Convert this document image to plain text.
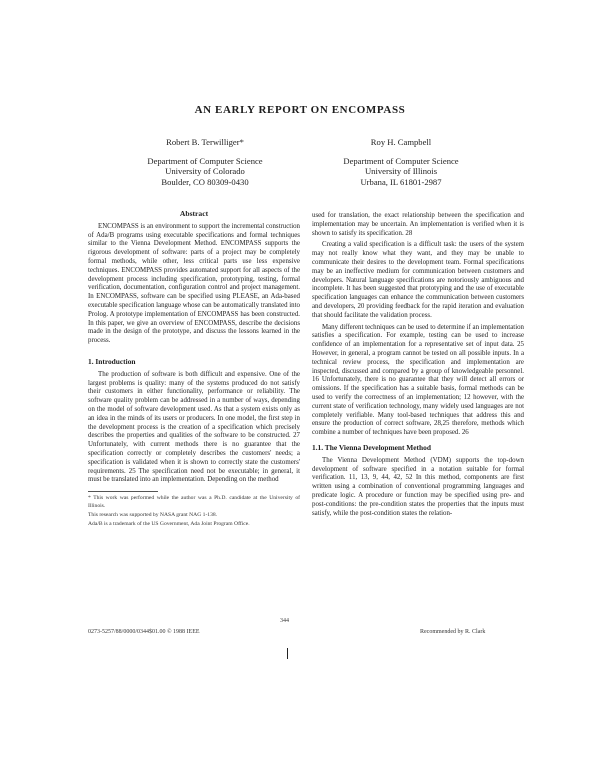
AN EARLY REPORT ON ENCOMPASS
Robert B. Terwilliger*
Department of Computer Science
University of Colorado
Boulder, CO 80309-0430
Roy H. Campbell
Department of Computer Science
University of Illinois
Urbana, IL 61801-2987
Abstract

ENCOMPASS is an environment to support the incremental construction of Ada/B programs using executable specifications and formal techniques similar to the Vienna Development Method. ENCOMPASS supports the rigorous development of software: parts of a project may be completely formal methods, while other, less critical parts use less expensive techniques. ENCOMPASS provides automated support for all aspects of the development process including specification, prototyping, testing, formal verification, documentation, configuration control and project management. In ENCOMPASS, software can be specified using PLEASE, an Ada-based executable specification language whose can be automatically translated into Prolog. A prototype implementation of ENCOMPASS has been constructed. In this paper, we give an overview of ENCOMPASS, describe the decisions made in the design of the prototype, and discuss the lessons learned in the process.

1. Introduction

The production of software is both difficult and expensive. One of the largest problems is quality: many of the systems produced do not satisfy their customers in either functionality, performance or reliability. The software quality problem can be addressed in a number of ways, depending on the model of software development used. As that a system exists only as an idea in the minds of its users or producers. In one model, the first step in the development process is the creation of a specification which precisely describes the properties and qualities of the software to be constructed. 27 Unfortunately, with current methods there is no guarantee that the specification correctly or completely describes the customers' needs; a specification is validated when it is shown to correctly state the customers' requirements. 25 The specification need not be executable; in general, it must be translated into an implementation. Depending on the method

* This work was performed while the author was a Ph.D. candidate at the University of Illinois.
This research was supported by NASA grant NAG 1-138.
Ada/B is a trademark of the US Government, Ada Joint Program Office.

used for translation, the exact relationship between the specification and implementation may be uncertain. An implementation is verified when it is shown to satisfy its specification. 28

Creating a valid specification is a difficult task: the users of the system may not really know what they want, and they may be unable to communicate their desires to the development team. Formal specifications may be an ineffective medium for communication between customers and developers. Natural language specifications are notoriously ambiguous and incomplete. It has been suggested that prototyping and the use of executable specification languages can enhance the communication between customers and developers, 20 providing feedback for the rapid iteration and evaluation that should facilitate the validation process.

Many different techniques can be used to determine if an implementation satisfies a specification. For example, testing can be used to increase confidence of an implementation for a representative set of input data. 25 However, in general, a program cannot be tested on all possible inputs. In a technical review process, the specification and implementation are inspected, discussed and compared by a group of knowledgeable personnel. 16 Unfortunately, there is no guarantee that they will detect all errors or omissions. If the specification has a suitable basis, formal methods can be used to verify the correctness of an implementation; 12 however, with the current state of verification technology, many widely used languages are not completely verifiable. Many tool-based techniques that address this and ensure the production of correct software, 28,25 therefore, methods which combine a number of techniques have been proposed. 26

1.1. The Vienna Development Method

The Vienna Development Method (VDM) supports the top-down development of software specified in a notation suitable for formal verification. 11, 13, 9, 44, 42, 52 In this method, components are first written using a combination of conventional programming languages and predicate logic. A procedure or function may be specified using pre- and post-conditions: the pre-condition states the properties that the inputs must satisfy, while the post-condition states the relation-

0273-5257/88/0000/0344$01.00 © 1988 IEEE
344
Recommended by R. Clark
